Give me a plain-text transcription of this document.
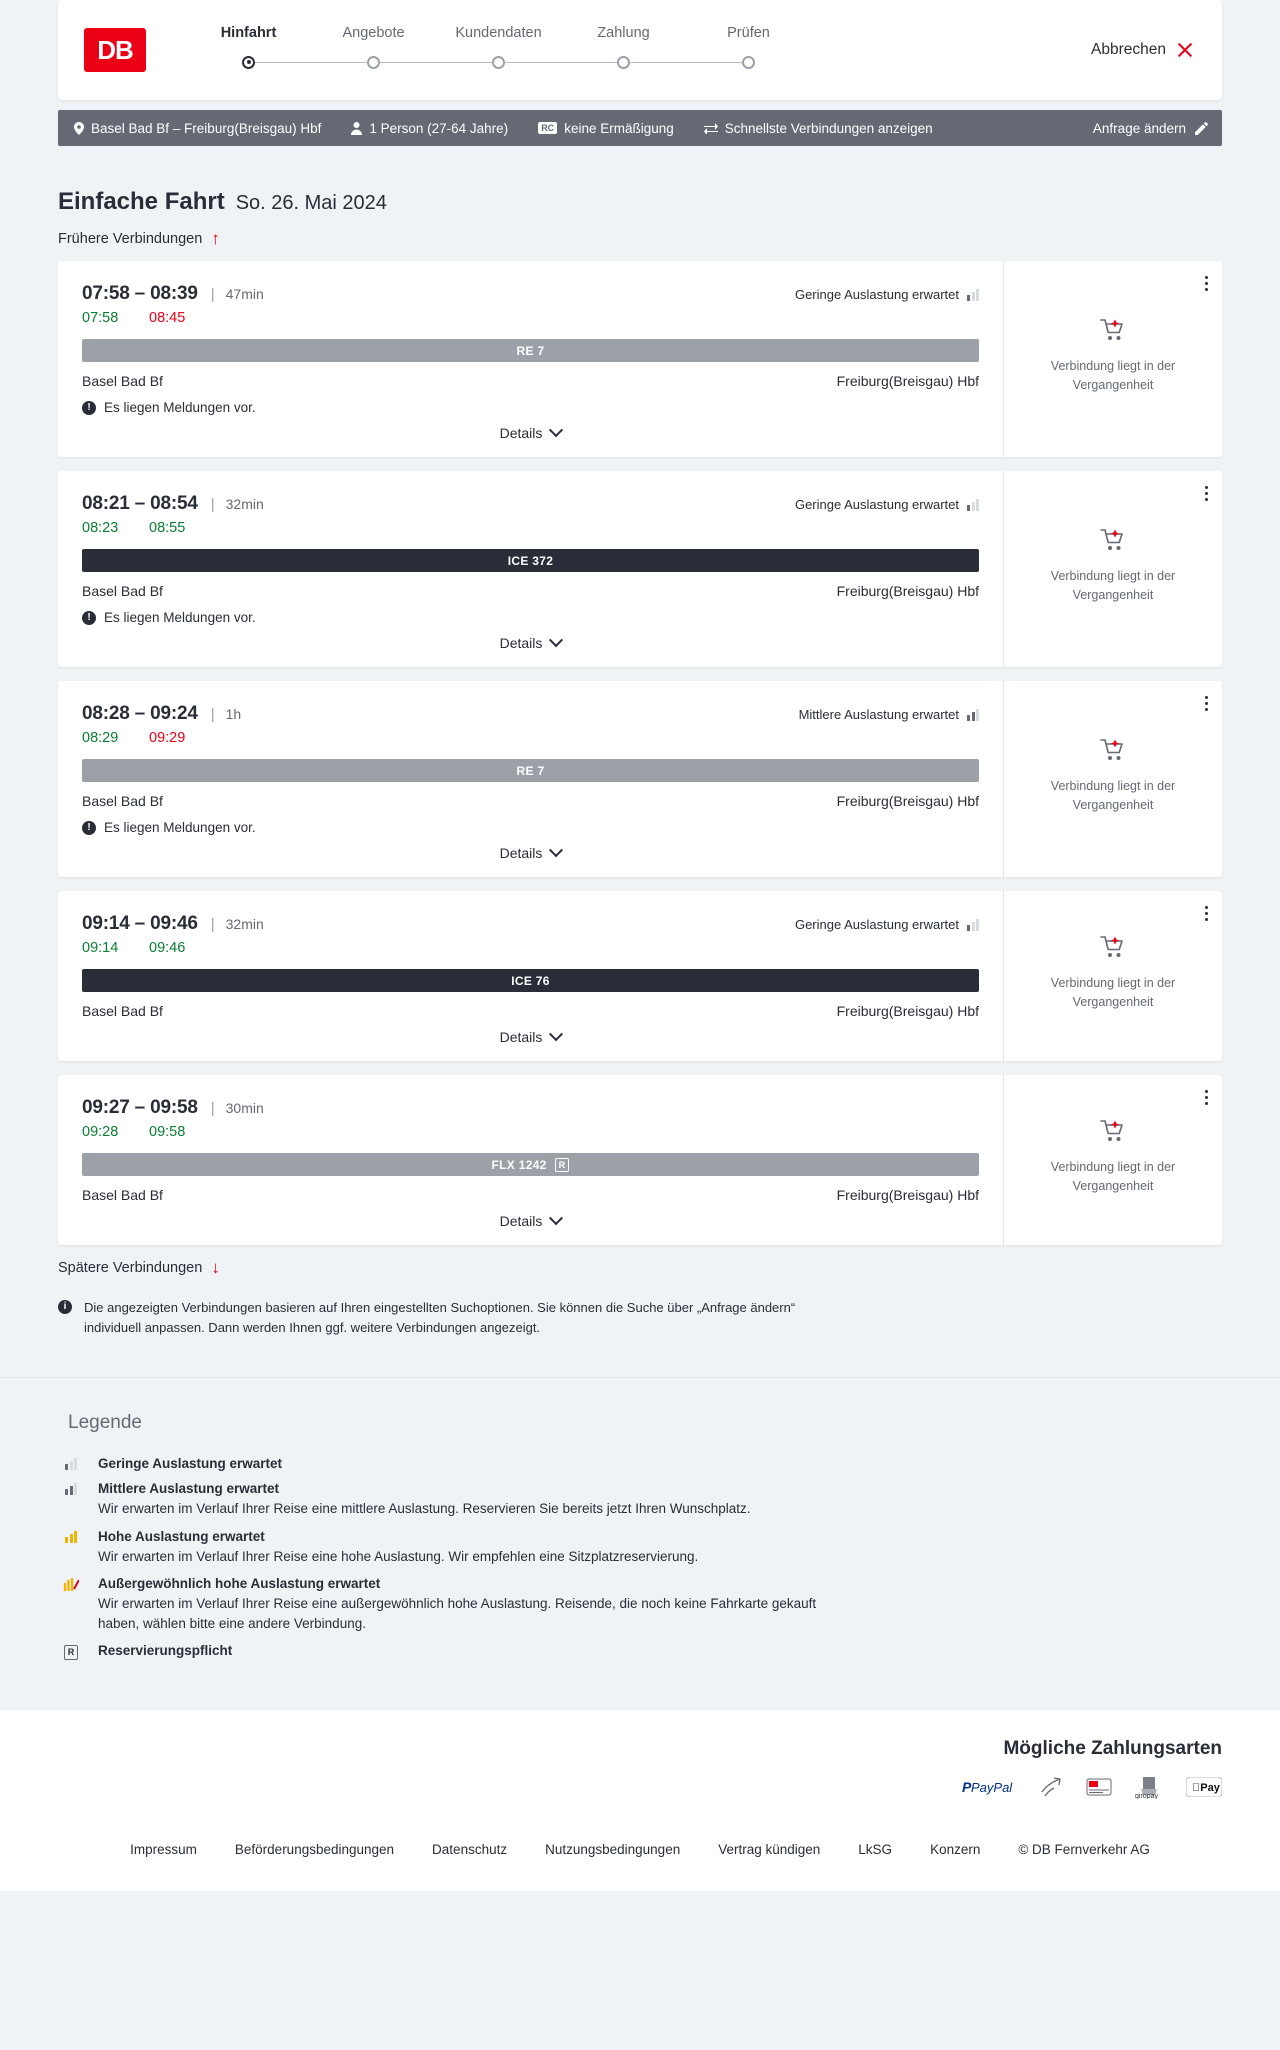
DB
Hinfahrt	Angebote	Kundendaten	Zahlung	Prüfen
Abbrechen
Basel Bad Bf – Freiburg(Breisgau) Hbf	1 Person (27-64 Jahre)	RC keine Ermäßigung	Schnellste Verbindungen anzeigen	Anfrage ändern
Einfache Fahrt So. 26. Mai 2024
Frühere Verbindungen ↑
07:58 – 08:39 | 47min	Geringe Auslastung erwartet
07:58	08:45
RE 7
Basel Bad Bf	Freiburg(Breisgau) Hbf
! Es liegen Meldungen vor.
Details
Verbindung liegt in der Vergangenheit
08:21 – 08:54 | 32min	Geringe Auslastung erwartet
08:23	08:55
ICE 372
Basel Bad Bf	Freiburg(Breisgau) Hbf
! Es liegen Meldungen vor.
Details
Verbindung liegt in der Vergangenheit
08:28 – 09:24 | 1h	Mittlere Auslastung erwartet
08:29	09:29
RE 7
Basel Bad Bf	Freiburg(Breisgau) Hbf
! Es liegen Meldungen vor.
Details
Verbindung liegt in der Vergangenheit
09:14 – 09:46 | 32min	Geringe Auslastung erwartet
09:14	09:46
ICE 76
Basel Bad Bf	Freiburg(Breisgau) Hbf
Details
Verbindung liegt in der Vergangenheit
09:27 – 09:58 | 30min
09:28	09:58
FLX 1242	R
Basel Bad Bf	Freiburg(Breisgau) Hbf
Details
Verbindung liegt in der Vergangenheit
Spätere Verbindungen ↓
i	Die angezeigten Verbindungen basieren auf Ihren eingestellten Suchoptionen. Sie können die Suche über „Anfrage ändern“ individuell anpassen. Dann werden Ihnen ggf. weitere Verbindungen angezeigt.

Legende
Geringe Auslastung erwartet
Mittlere Auslastung erwartet

Wir erwarten im Verlauf Ihrer Reise eine mittlere Auslastung. Reservieren Sie bereits jetzt Ihren Wunschplatz.

Hohe Auslastung erwartet

Wir erwarten im Verlauf Ihrer Reise eine hohe Auslastung. Wir empfehlen eine Sitzplatzreservierung.

Außergewöhnlich hohe Auslastung erwartet

Wir erwarten im Verlauf Ihrer Reise eine außergewöhnlich hohe Auslastung. Reisende, die noch keine Fahrkarte gekauft haben, wählen bitte eine andere Verbindung.

R Reservierungspflicht
Mögliche Zahlungsarten
P PayPal
giropay
Pay
Impressum	Beförderungsbedingungen	Datenschutz	Nutzungsbedingungen	Vertrag kündigen	LkSG	Konzern	© DB Fernverkehr AG
